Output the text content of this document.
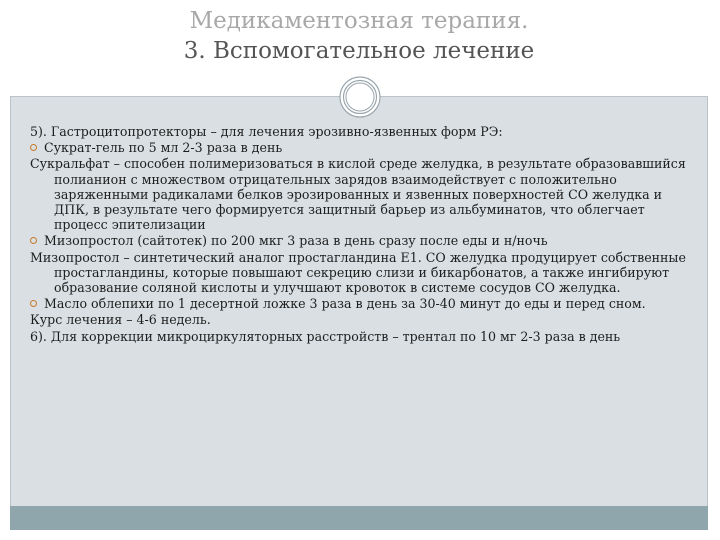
Медикаментозная терапия.
3. Вспомогательное лечение
5). Гастроцитопротекторы – для лечения эрозивно-язвенных форм РЭ:
Сукрат-гель по 5 мл 2-3 раза в день
Сукральфат – способен полимеризоваться в кислой среде желудка, в результате образовавшийся полианион с множеством отрицательных зарядов взаимодействует с положительно заряженными радикалами белков эрозированных и язвенных поверхностей СО желудка и ДПК, в результате чего формируется защитный барьер из альбуминатов, что облегчает процесс эпителизации
Мизопростол (сайтотек) по 200 мкг 3 раза в день сразу после еды и н/ночь
Мизопростол – синтетический аналог простагландина Е1. СО желудка продуцирует собственные простагландины, которые повышают секрецию слизи и бикарбонатов, а также ингибируют образование соляной кислоты и улучшают кровоток в системе сосудов СО желудка.
Масло облепихи по 1 десертной ложке 3 раза в день за 30-40 минут до еды и перед сном.
Курс лечения – 4-6 недель.
6). Для коррекции микроциркуляторных расстройств – трентал по 10 мг 2-3 раза в день
